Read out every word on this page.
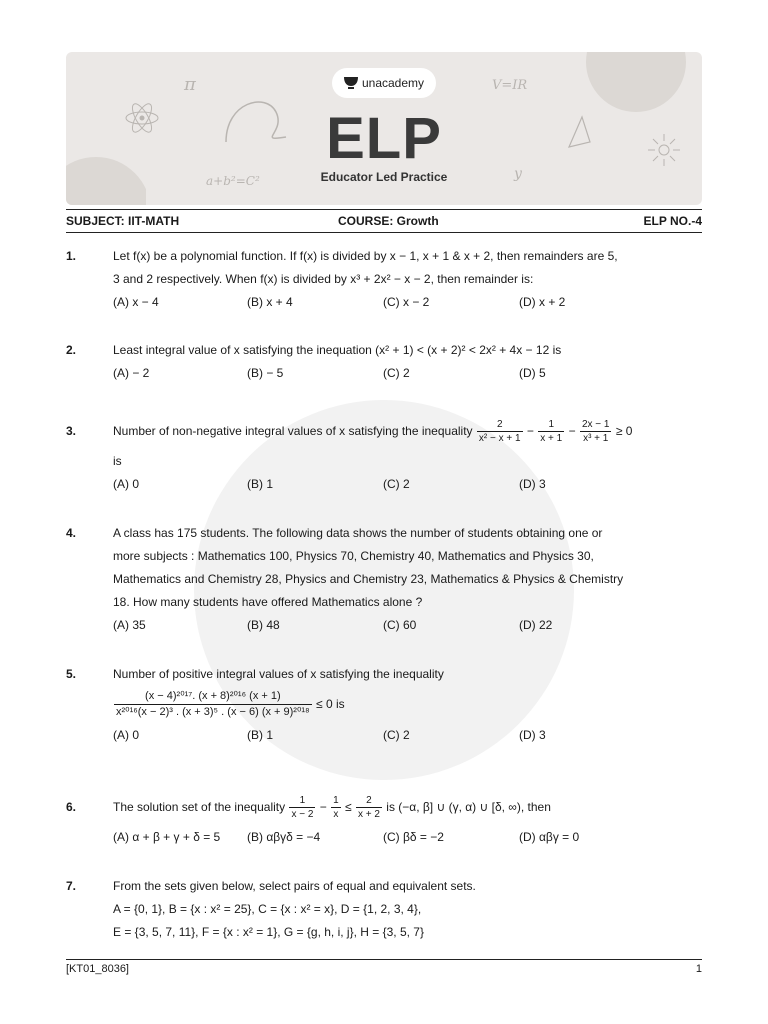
π	V=IR
a+b²=C²	y
unacademy
ELP
Educator Led Practice
SUBJECT: IIT-MATH	COURSE: Growth	ELP NO.-4
1.	Let f(x) be a polynomial function. If f(x) is divided by x − 1, x + 1 & x + 2, then remainders are 5,
3 and 2 respectively. When f(x) is divided by x³ + 2x² − x − 2, then remainder is:
(A) x − 4	(B) x + 4	(C) x − 2	(D) x + 2
2.	Least integral value of x satisfying the inequation (x² + 1) < (x + 2)² < 2x² + 4x − 12 is
(A) − 2	(B) − 5	(C) 2	(D) 5
3.	Number of non-negative integral values of x satisfying the inequality $\frac{2}{\text{x² − x + 1}} - \frac{1}{x + 1} - \frac{2x - 1}{\text{x³ + 1}} \ge 0$
is
(A) 0	(B) 1	(C) 2	(D) 3
4.	A class has 175 students. The following data shows the number of students obtaining one or
more subjects : Mathematics 100, Physics 70, Chemistry 40, Mathematics and Physics 30,
Mathematics and Chemistry 28, Physics and Chemistry 23, Mathematics & Physics & Chemistry
18. How many students have offered Mathematics alone ?
(A) 35	(B) 48	(C) 60	(D) 22
5.	Number of positive integral values of x satisfying the inequality
$\frac{\text{(x − 4)²⁰¹⁷. (x + 8)²⁰¹⁶ (x + 1)}}{\text{x²⁰¹⁶(x − 2)³ . (x + 3)⁵ . (x − 6) (x + 9)²⁰¹⁸}} \le 0$ is
(A) 0	(B) 1	(C) 2	(D) 3
6.	The solution set of the inequality $\frac{1}{x - 2} - \frac{1}{x} \le \frac{2}{x + 2}$ is (−α, β] ∪ (γ, α) ∪ [δ, ∞), then
(A) α + β + γ + δ = 5 (B) αβγδ = −4	(C) βδ = −2	(D) αβγ = 0
7.	From the sets given below, select pairs of equal and equivalent sets.
A = {0, 1}, B = {x : x² = 25}, C = {x : x² = x}, D = {1, 2, 3, 4},
E = {3, 5, 7, 11}, F = {x : x² = 1}, G = {g, h, i, j}, H = {3, 5, 7}
[KT01_8036]	1
